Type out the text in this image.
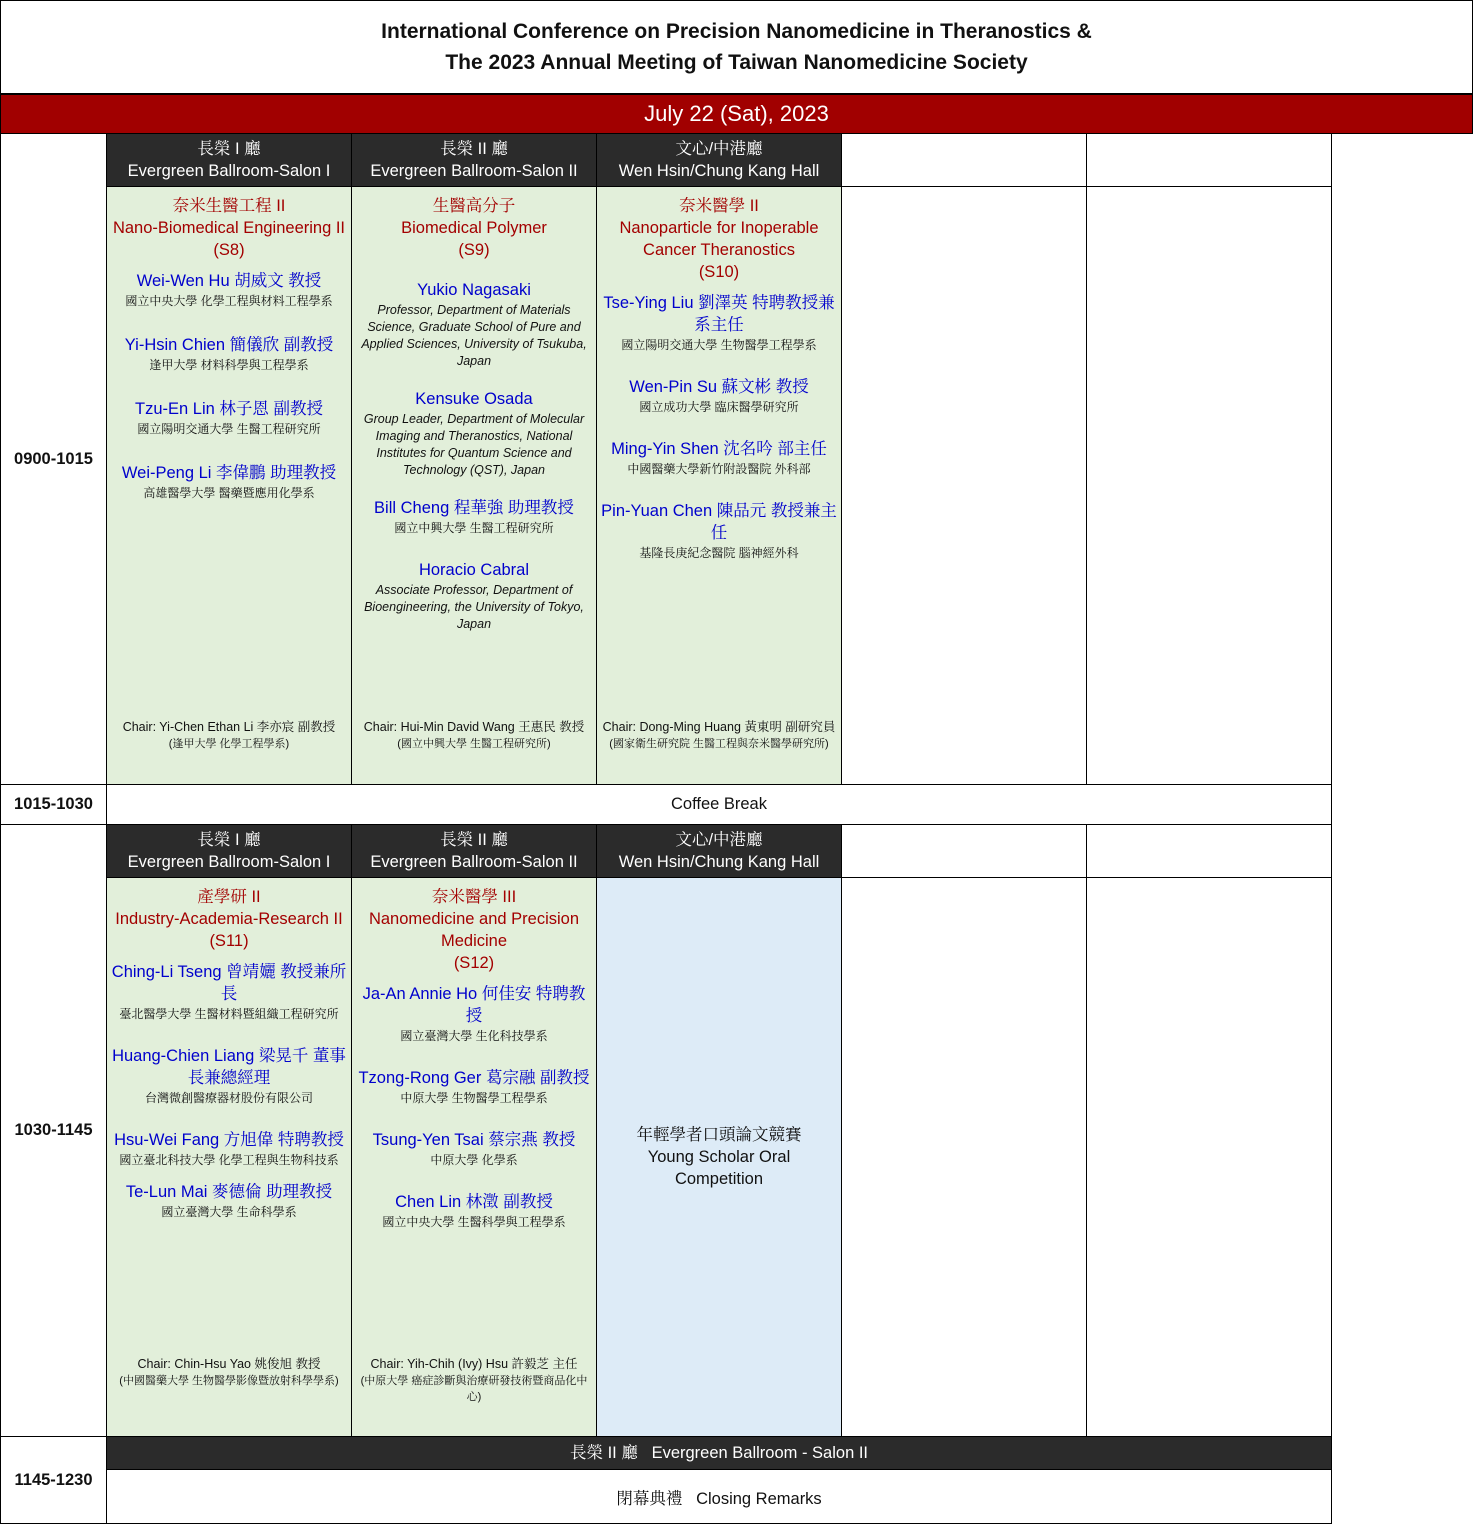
International Conference on Precision Nanomedicine in Theranostics &
The 2023 Annual Meeting of Taiwan Nanomedicine Society
July 22 (Sat), 2023
0900-1015
長榮 I 廳
Evergreen Ballroom-Salon I
長榮 II 廳
Evergreen Ballroom-Salon II
文心/中港廳
Wen Hsin/Chung Kang Hall
奈米生醫工程 II
Nano-Biomedical Engineering II
(S8)
Wei-Wen Hu 胡威文 教授
國立中央大學 化學工程與材料工程學系
Yi-Hsin Chien 簡儀欣 副教授
逢甲大學 材料科學與工程學系
Tzu-En Lin 林子恩 副教授
國立陽明交通大學 生醫工程研究所
Wei-Peng Li 李偉鵬 助理教授
高雄醫學大學 醫藥暨應用化學系
Chair: Yi-Chen Ethan Li 李亦宸 副教授
(逢甲大學 化學工程學系)
生醫高分子
Biomedical Polymer
(S9)
Yukio Nagasaki
Professor, Department of Materials Science, Graduate School of Pure and Applied Sciences, University of Tsukuba, Japan
Kensuke Osada
Group Leader, Department of Molecular Imaging and Theranostics, National Institutes for Quantum Science and Technology (QST), Japan
Bill Cheng 程華強 助理教授
國立中興大學 生醫工程研究所
Horacio Cabral
Associate Professor, Department of Bioengineering, the University of Tokyo, Japan
Chair: Hui-Min David Wang 王惠民 教授
(國立中興大學 生醫工程研究所)
奈米醫學 II
Nanoparticle for Inoperable Cancer Theranostics
(S10)
Tse-Ying Liu 劉澤英 特聘教授兼系主任
國立陽明交通大學 生物醫學工程學系
Wen-Pin Su 蘇文彬 教授
國立成功大學 臨床醫學研究所
Ming-Yin Shen 沈名吟 部主任
中國醫藥大學新竹附設醫院 外科部
Pin-Yuan Chen 陳品元 教授兼主任
基隆長庚紀念醫院 腦神經外科
Chair: Dong-Ming Huang 黃東明 副研究員
(國家衛生研究院 生醫工程與奈米醫學研究所)
1015-1030	Coffee Break
1030-1145
長榮 I 廳
Evergreen Ballroom-Salon I
長榮 II 廳
Evergreen Ballroom-Salon II
文心/中港廳
Wen Hsin/Chung Kang Hall
產學研 II
Industry-Academia-Research II
(S11)
Ching-Li Tseng 曾靖孋 教授兼所長
臺北醫學大學 生醫材料暨組織工程研究所
Huang-Chien Liang 梁晃千 董事長兼總經理
台灣微創醫療器材股份有限公司
Hsu-Wei Fang 方旭偉 特聘教授
國立臺北科技大學 化學工程與生物科技系
Te-Lun Mai 麥德倫 助理教授
國立臺灣大學 生命科學系
Chair: Chin-Hsu Yao 姚俊旭 教授
(中國醫藥大學 生物醫學影像暨放射科學學系)
奈米醫學 III
Nanomedicine and Precision Medicine
(S12)
Ja-An Annie Ho 何佳安 特聘教授
國立臺灣大學 生化科技學系
Tzong-Rong Ger 葛宗融 副教授
中原大學 生物醫學工程學系
Tsung-Yen Tsai 蔡宗燕 教授
中原大學 化學系
Chen Lin 林澂 副教授
國立中央大學 生醫科學與工程學系
Chair: Yih-Chih (Ivy) Hsu 許毅芝 主任
(中原大學 癌症診斷與治療研發技術暨商品化中心)
年輕學者口頭論文競賽
Young Scholar Oral Competition
1145-1230
長榮 II 廳   Evergreen Ballroom - Salon II
閉幕典禮   Closing Remarks
